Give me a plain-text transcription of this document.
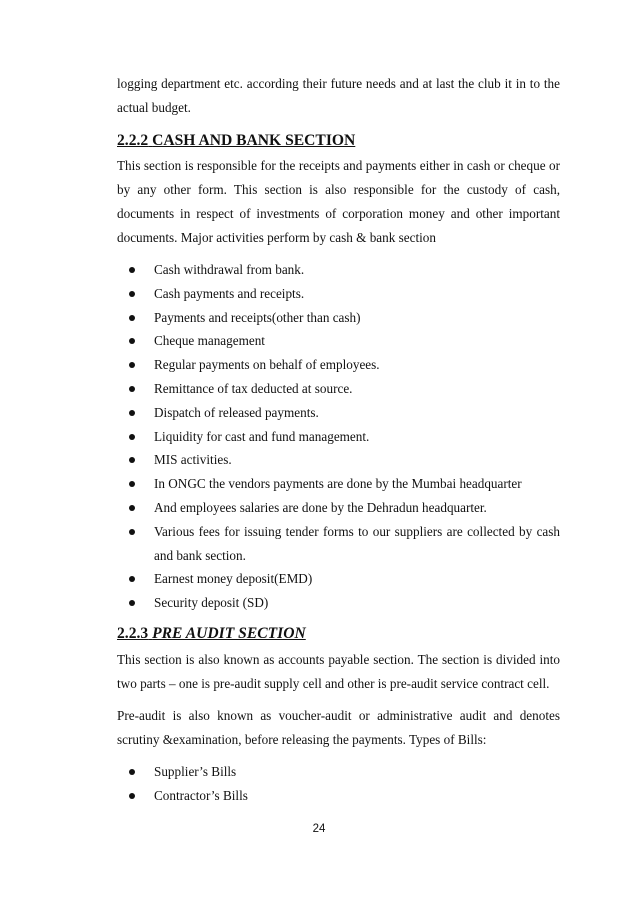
logging department etc. according their future needs and at last the club it in to the actual budget.

2.2.2 CASH AND BANK SECTION

This section is responsible for the receipts and payments either in cash or cheque or by any other form. This section is also responsible for the custody of cash, documents in respect of investments of corporation money and other important documents. Major activities perform by cash & bank section

Cash withdrawal from bank.
Cash payments and receipts.
Payments and receipts(other than cash)
Cheque management
Regular payments on behalf of employees.
Remittance of tax deducted at source.
Dispatch of released payments.
Liquidity for cast and fund management.
MIS activities.
In ONGC the vendors payments are done by the Mumbai headquarter
And employees salaries are done by the Dehradun headquarter.
Various fees for issuing tender forms to our suppliers are collected by cash and bank section.
Earnest money deposit(EMD)
Security deposit (SD)
2.2.3 PRE AUDIT SECTION

This section is also known as accounts payable section. The section is divided into two parts – one is pre-audit supply cell and other is pre-audit service contract cell.

Pre-audit is also known as voucher-audit or administrative audit and denotes scrutiny &examination, before releasing the payments. Types of Bills:

Supplier’s Bills
Contractor’s Bills
24
